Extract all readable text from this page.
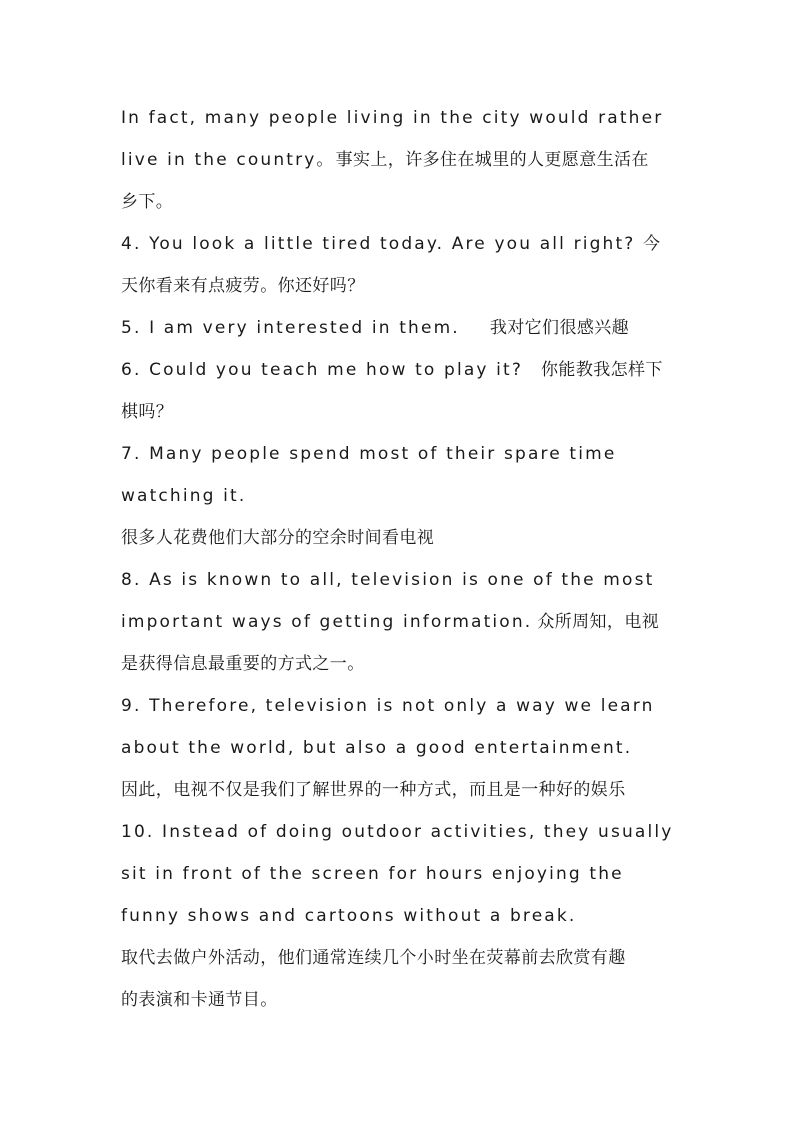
In fact, many people living in the city would rather
live in the country。事实上，许多住在城里的人更愿意生活在
乡下。
4. You look a little tired today. Are you all right? 今
天你看来有点疲劳。你还好吗？
5. I am very interested in them. 我对它们很感兴趣
6. Could you teach me how to play it? 你能教我怎样下
棋吗？
7. Many people spend most of their spare time
watching it.
很多人花费他们大部分的空余时间看电视
8. As is known to all, television is one of the most
important ways of getting information. 众所周知，电视
是获得信息最重要的方式之一。
9. Therefore, television is not only a way we learn
about the world, but also a good entertainment.
因此，电视不仅是我们了解世界的一种方式，而且是一种好的娱乐
10. Instead of doing outdoor activities, they usually
sit in front of the screen for hours enjoying the
funny shows and cartoons without a break.
取代去做户外活动，他们通常连续几个小时坐在荧幕前去欣赏有趣
的表演和卡通节目。
